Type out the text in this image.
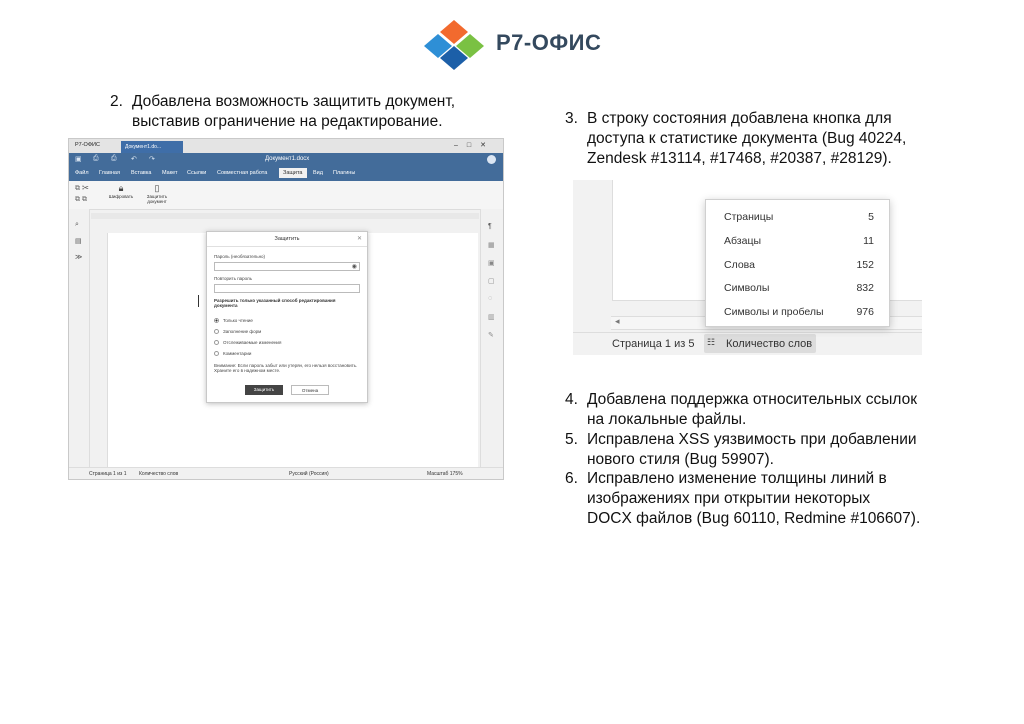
Р7-ОФИС
2. Добавлена возможность защитить документ,
выставив ограничение на редактирование.	3. В строку состояния добавлена кнопка для
доступа к статистике документа (Bug 40224,
Zendesk #13114, #17468, #20387, #28129).
4. Добавлена поддержка относительных ссылок
на локальные файлы.
5. Исправлена XSS уязвимость при добавлении
нового стиля (Bug 59907).
6. Исправлено изменение толщины линий в
изображениях при открытии некоторых
DOCX файлов (Bug 60110, Redmine #106607).
Р7-ОФИС	Документ1.do...	–□✕
▣ ⎙ ⎙ ↶ ↷	Документ1.docx
Файл Главная Вставка Макет Ссылки Совместная работа	Защита	Вид Плагины
⧉ ✂
⧉ ⧉
🔒︎
Шифровать
▯
Защитить документ
⌕
▤
≫
¶
▦
▣
▢
◌
▥
✎
Защитить	✕
Пароль (необязательно)
◉
Повторить пароль
Разрешить только указанный способ редактирования документа
Только чтение
Заполнение форм
Отслеживаемые изменения
Комментарии
Внимание: Если пароль забыт или утерян, его нельзя восстановить. Храните его в надежном месте.
Защитить	Отмена
Страница 1 из 1	Количество слов	Русский (Россия)	Масштаб 175%
◂
Страница 1 из 5 ☷ Количество слов
Страницы	5
Абзацы	11
Слова	152
Символы	832
Символы и пробелы	976
